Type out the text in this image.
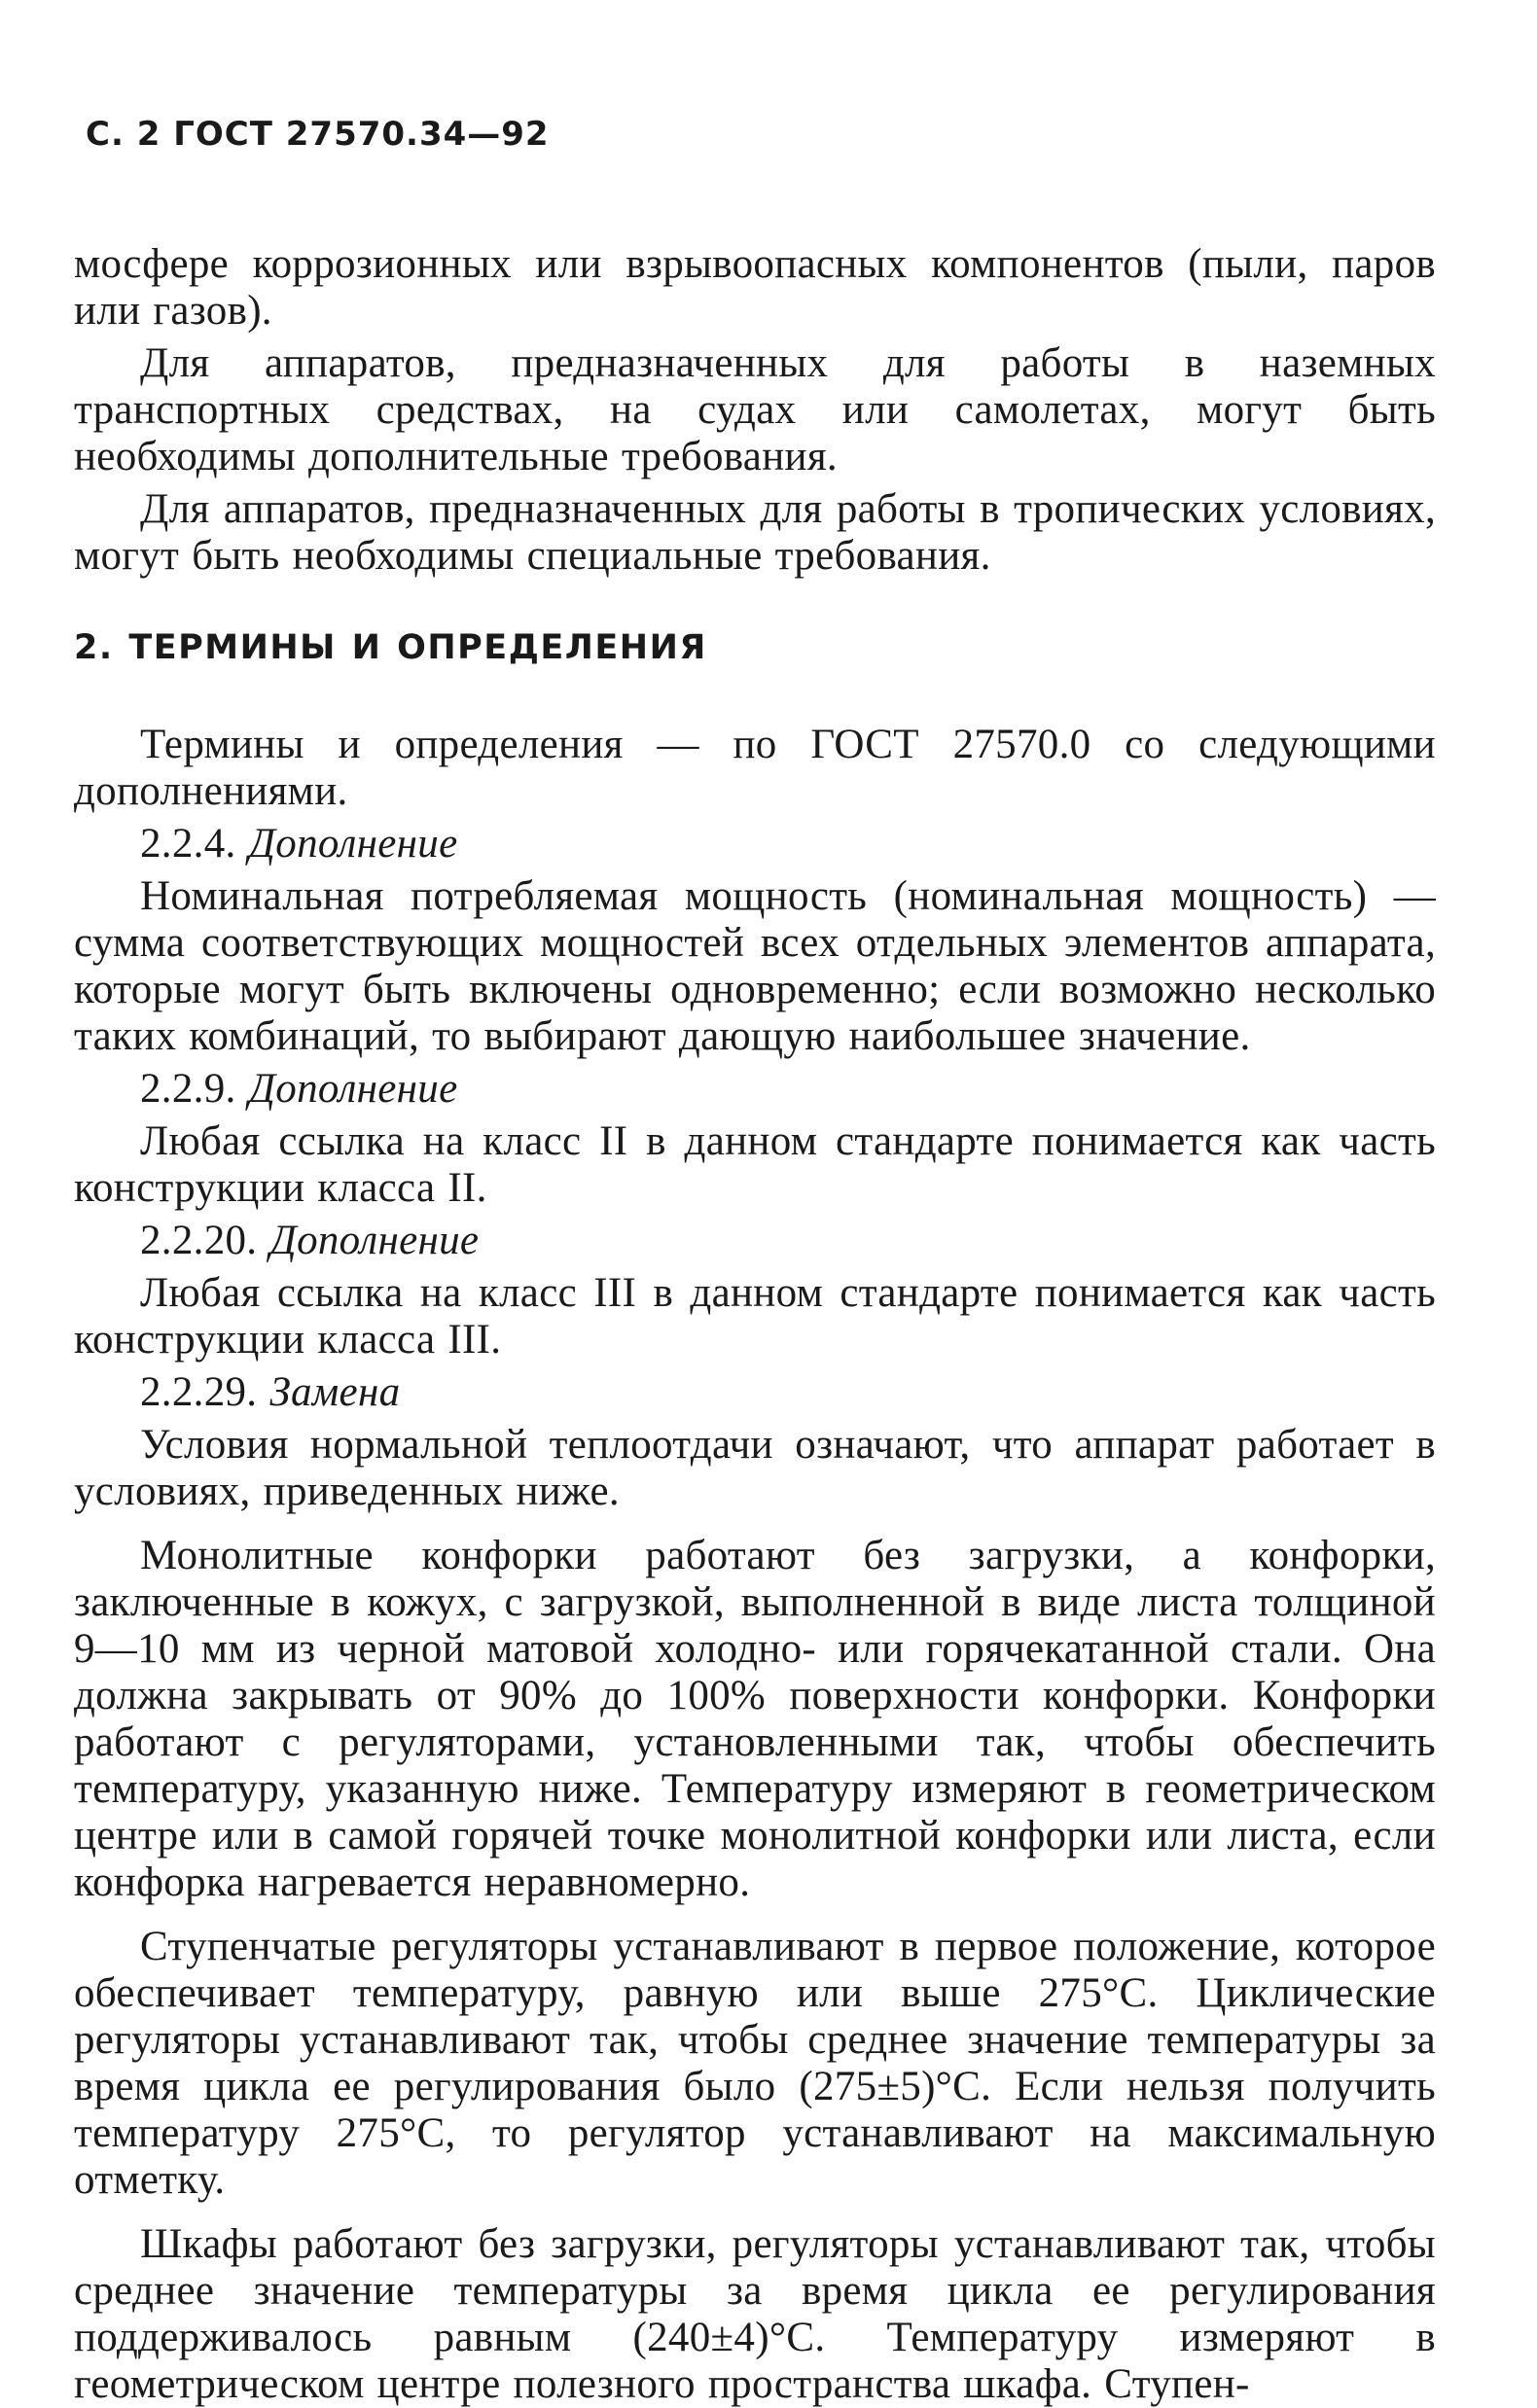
С. 2 ГОСТ 27570.34—92

мосфере коррозионных или взрывоопасных компонентов (пыли, паров или газов).

Для аппаратов, предназначенных для работы в наземных транспортных средствах, на судах или самолетах, могут быть необходимы дополнительные требования.

Для аппаратов, предназначенных для работы в тропических условиях, могут быть необходимы специальные требования.

2. ТЕРМИНЫ И ОПРЕДЕЛЕНИЯ

Термины и определения — по ГОСТ 27570.0 со следующими дополнениями.

2.2.4. Дополнение

Номинальная потребляемая мощность (номинальная мощность) — сумма соответствующих мощностей всех отдельных элементов аппарата, которые могут быть включены одновременно; если возможно несколько таких комбинаций, то выбирают дающую наибольшее значение.

2.2.9. Дополнение

Любая ссылка на класс II в данном стандарте понимается как часть конструкции класса II.

2.2.20. Дополнение

Любая ссылка на класс III в данном стандарте понимается как часть конструкции класса III.

2.2.29. Замена

Условия нормальной теплоотдачи означают, что аппарат работает в условиях, приведенных ниже.

Монолитные конфорки работают без загрузки, а конфорки, заключенные в кожух, с загрузкой, выполненной в виде листа толщиной 9—10 мм из черной матовой холодно- или горячекатанной стали. Она должна закрывать от 90% до 100% поверхности конфорки. Конфорки работают с регуляторами, установленными так, чтобы обеспечить температуру, указанную ниже. Температуру измеряют в геометрическом центре или в самой горячей точке монолитной конфорки или листа, если конфорка нагревается неравномерно.

Ступенчатые регуляторы устанавливают в первое положение, которое обеспечивает температуру, равную или выше 275°С. Циклические регуляторы устанавливают так, чтобы среднее значение температуры за время цикла ее регулирования было (275±5)°С. Если нельзя получить температуру 275°С, то регулятор устанавливают на максимальную отметку.

Шкафы работают без загрузки, регуляторы устанавливают так, чтобы среднее значение температуры за время цикла ее регулирования поддерживалось равным (240±4)°С. Температуру измеряют в геометрическом центре полезного пространства шкафа. Ступен-
